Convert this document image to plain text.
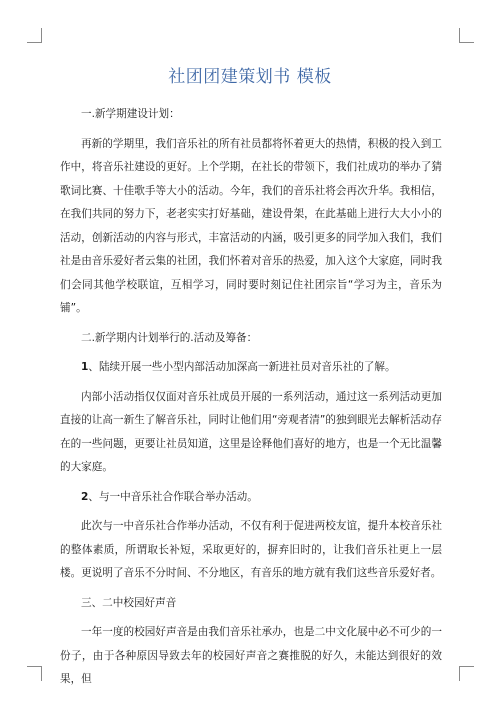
社团团建策划书 模板

一.新学期建设计划：

再新的学期里，我们音乐社的所有社员都将怀着更大的热情，积极的投入到工作中，将音乐社建设的更好。上个学期，在社长的带领下，我们社成功的举办了猜歌词比赛、十佳歌手等大小的活动。今年，我们的音乐社将会再次升华。我相信，在我们共同的努力下，老老实实打好基础，建设骨架，在此基础上进行大大小小的活动，创新活动的内容与形式，丰富活动的内涵，吸引更多的同学加入我们，我们社是由音乐爱好者云集的社团，我们怀着对音乐的热爱，加入这个大家庭，同时我们会同其他学校联谊，互相学习，同时要时刻记住社团宗旨“学习为主，音乐为铺”。

二.新学期内计划举行的.活动及筹备：

1、陆续开展一些小型内部活动加深高一新进社员对音乐社的了解。

内部小活动指仅仅面对音乐社成员开展的一系列活动，通过这一系列活动更加直接的让高一新生了解音乐社，同时让他们用“旁观者清”的独到眼光去解析活动存在的一些问题，更要让社员知道，这里是诠释他们喜好的地方，也是一个无比温馨的大家庭。

2、与一中音乐社合作联合举办活动。

此次与一中音乐社合作举办活动，不仅有利于促进两校友谊，提升本校音乐社的整体素质，所谓取长补短，采取更好的，摒弃旧时的，让我们音乐社更上一层楼。更说明了音乐不分时间、不分地区，有音乐的地方就有我们这些音乐爱好者。

三、二中校园好声音

一年一度的校园好声音是由我们音乐社承办，也是二中文化展中必不可少的一份子，由于各种原因导致去年的校园好声音之赛推脱的好久，未能达到很好的效果，但
